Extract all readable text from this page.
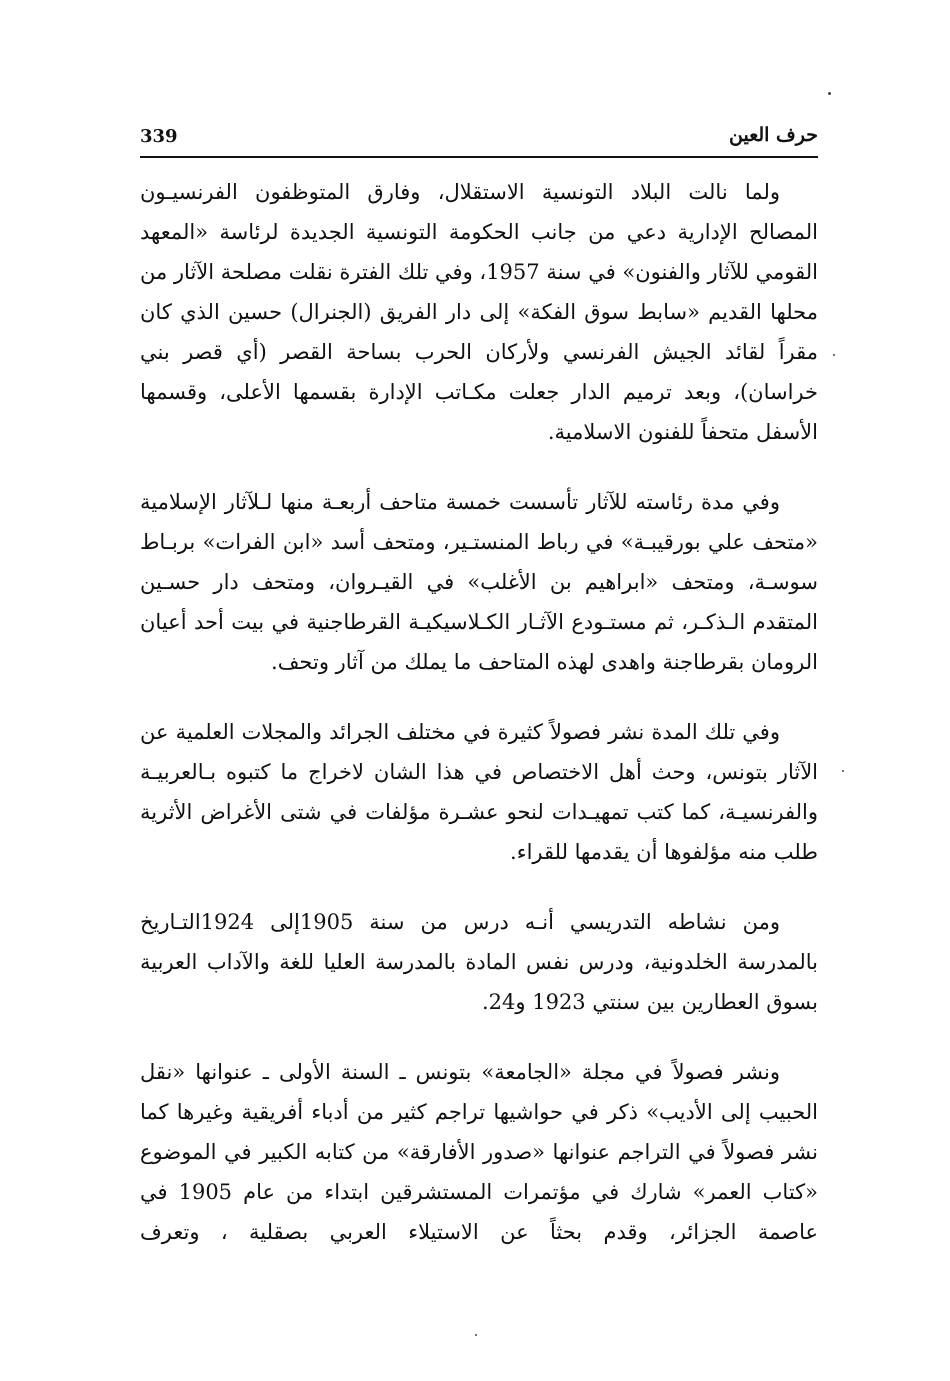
339	حرف العين

ولما نالت البلاد التونسية الاستقلال، وفارق المتوظفون الفرنسيـون المصالح الإدارية دعي من جانب الحكومة التونسية الجديدة لرئاسة «المعهد القومي للآثار والفنون» في سنة 1957، وفي تلك الفترة نقلت مصلحة الآثار من محلها القديم «سابط سوق الفكة» إلى دار الفريق (الجنرال) حسين الذي كان مقراً لقائد الجيش الفرنسي ولأركان الحرب بساحة القصر (أي قصر بني خراسان)، وبعد ترميم الدار جعلت مكـاتب الإدارة بقسمها الأعلى، وقسمها الأسفل متحفاً للفنون الاسلامية.

وفي مدة رئاسته للآثار تأسست خمسة متاحف أربعـة منها لـلآثار الإسلامية «متحف علي بورقيبـة» في رباط المنستـير، ومتحف أسد «ابن الفرات» بربـاط سوسـة، ومتحف «ابراهيم بن الأغلب» في القيـروان، ومتحف دار حسـين المتقدم الـذكـر، ثم مستـودع الآثـار الكـلاسيكيـة القرطاجنية في بيت أحد أعيان الرومان بقرطاجنة واهدى لهذه المتاحف ما يملك من آثار وتحف.

وفي تلك المدة نشر فصولاً كثيرة في مختلف الجرائد والمجلات العلمية عن الآثار بتونس، وحث أهل الاختصاص في هذا الشان لاخراج ما كتبوه بـالعربيـة والفرنسيـة، كما كتب تمهيـدات لنحو عشـرة مؤلفات في شتى الأغراض الأثرية طلب منه مؤلفوها أن يقدمها للقراء.

ومن نشاطه التدريسي أنـه درس من سنة 1905إلى 1924التـاريخ بالمدرسة الخلدونية، ودرس نفس المادة بالمدرسة العليا للغة والآداب العربية بسوق العطارين بين سنتي 1923 و24.

ونشر فصولاً في مجلة «الجامعة» بتونس ـ السنة الأولى ـ عنوانها «نقل الحبيب إلى الأديب» ذكر في حواشيها تراجم كثير من أدباء أفريقية وغيرها كما نشر فصولاً في التراجم عنوانها «صدور الأفارقة» من كتابه الكبير في الموضوع «كتاب العمر» شارك في مؤتمرات المستشرقين ابتداء من عام 1905 في عاصمة الجزائر، وقدم بحثاً عن الاستيلاء العربي بصقلية ، وتعرف
